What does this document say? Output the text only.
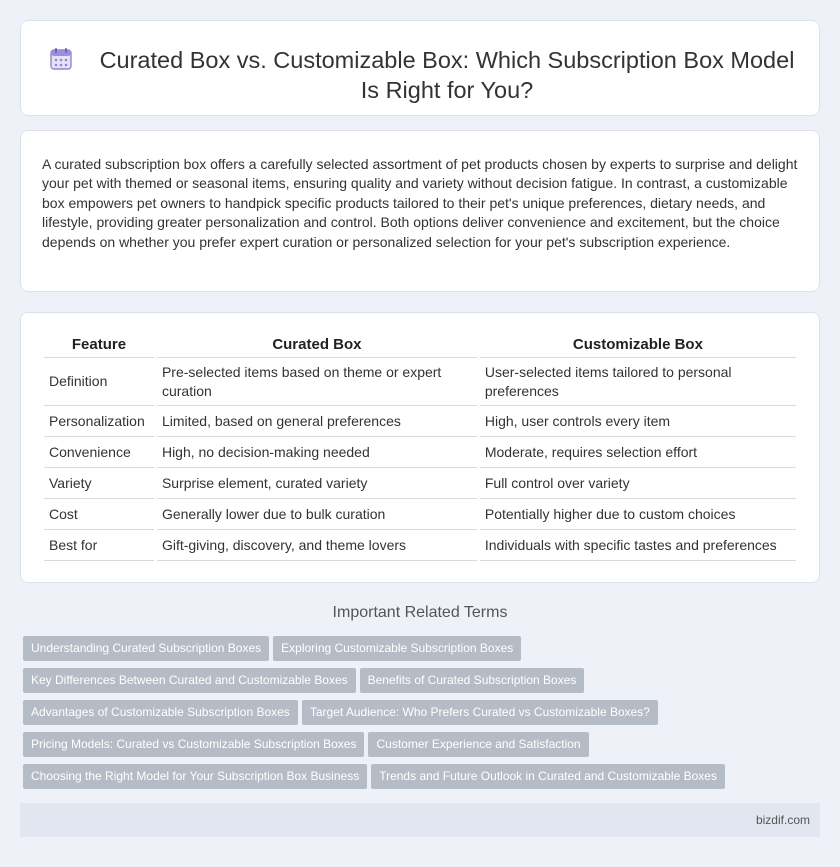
Curated Box vs. Customizable Box: Which Subscription Box Model Is Right for You?

A curated subscription box offers a carefully selected assortment of pet products chosen by experts to surprise and delight your pet with themed or seasonal items, ensuring quality and variety without decision fatigue. In contrast, a customizable box empowers pet owners to handpick specific products tailored to their pet's unique preferences, dietary needs, and lifestyle, providing greater personalization and control. Both options deliver convenience and excitement, but the choice depends on whether you prefer expert curation or personalized selection for your pet's subscription experience.

Feature	Curated Box	Customizable Box
Definition	Pre-selected items based on theme or expert curation	User-selected items tailored to personal preferences
Personalization	Limited, based on general preferences	High, user controls every item
Convenience	High, no decision-making needed	Moderate, requires selection effort
Variety	Surprise element, curated variety	Full control over variety
Cost	Generally lower due to bulk curation	Potentially higher due to custom choices
Best for	Gift-giving, discovery, and theme lovers	Individuals with specific tastes and preferences
Important Related Terms
Understanding Curated Subscription Boxes Exploring Customizable Subscription Boxes
Key Differences Between Curated and Customizable Boxes Benefits of Curated Subscription Boxes
Advantages of Customizable Subscription Boxes Target Audience: Who Prefers Curated vs Customizable Boxes?
Pricing Models: Curated vs Customizable Subscription Boxes Customer Experience and Satisfaction
Choosing the Right Model for Your Subscription Box Business Trends and Future Outlook in Curated and Customizable Boxes
bizdif.com
